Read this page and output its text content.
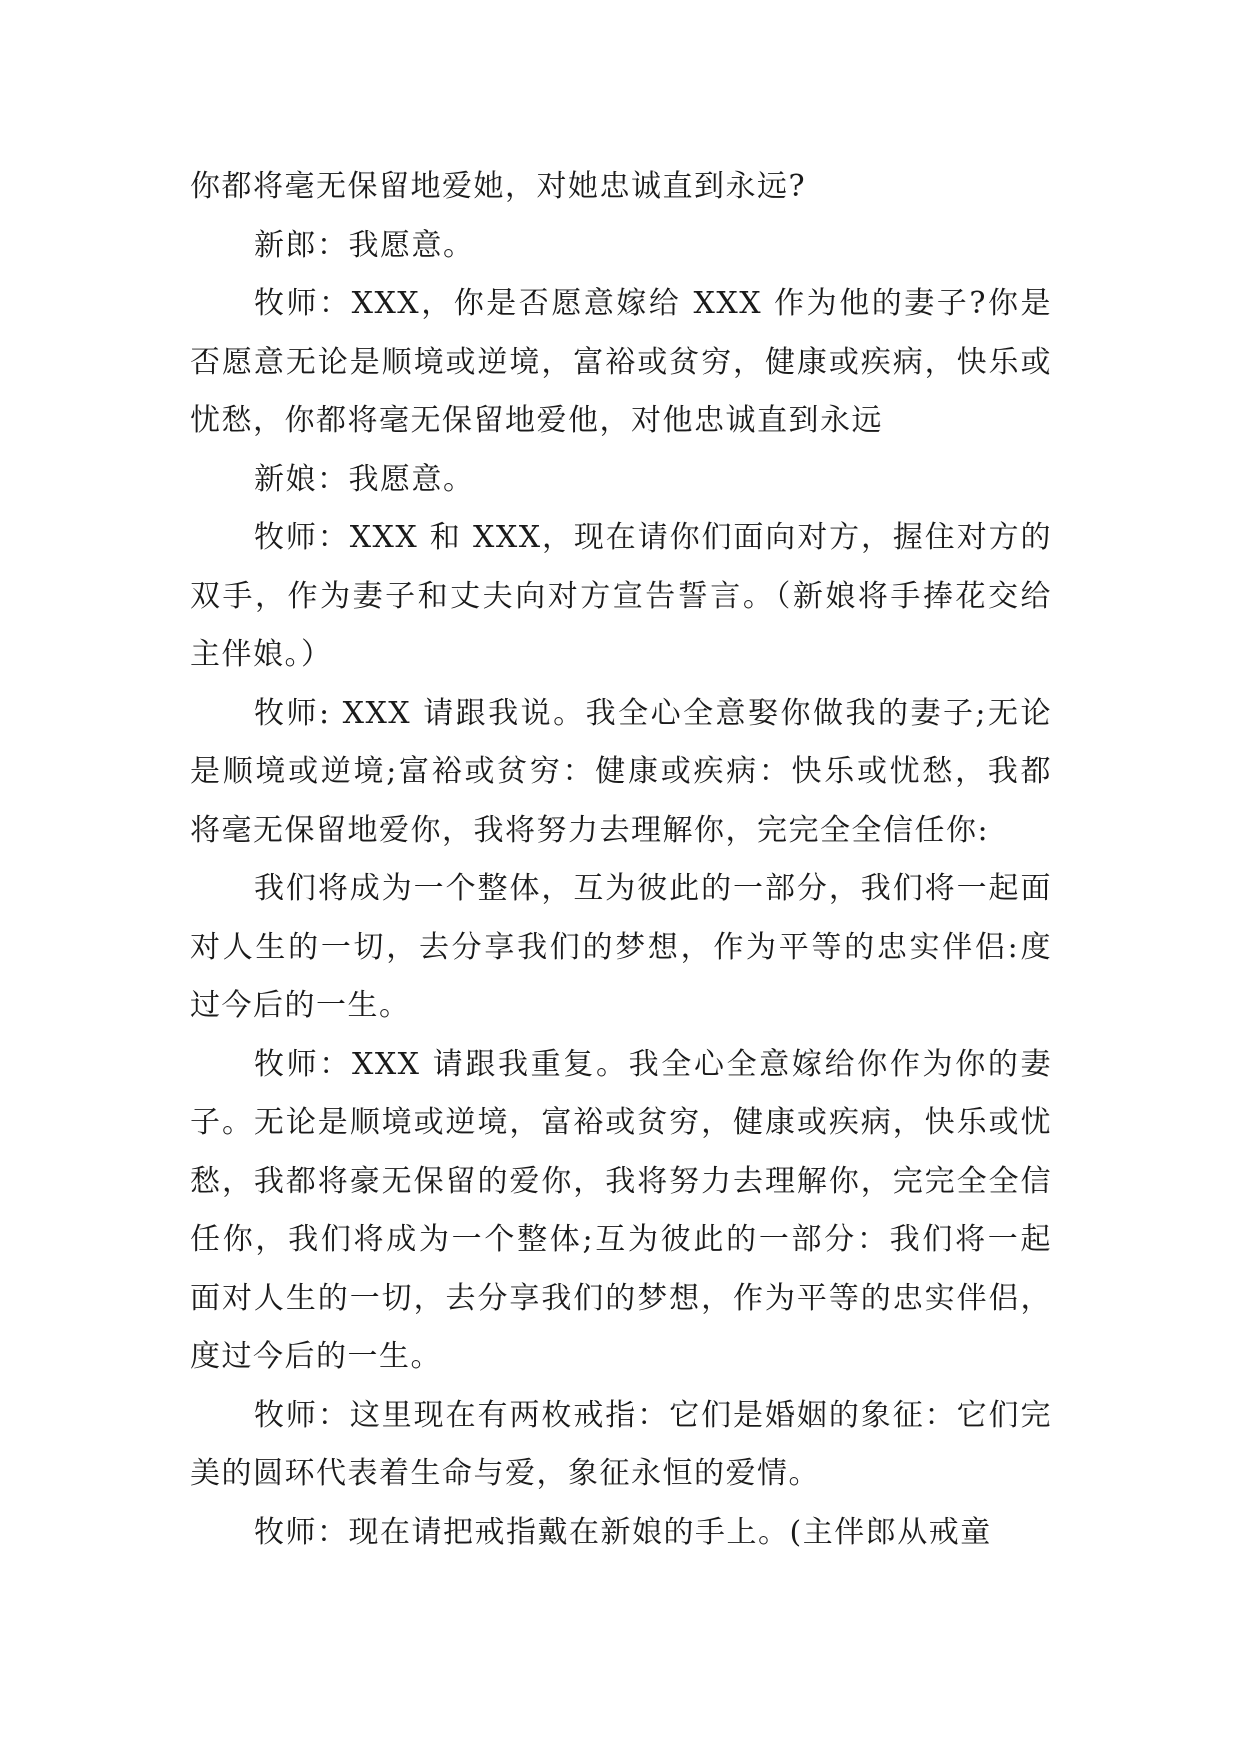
你都将毫无保留地爱她，对她忠诚直到永远?

新郎：我愿意。

牧师：XXX，你是否愿意嫁给 XXX 作为他的妻子?你是否愿意无论是顺境或逆境，富裕或贫穷，健康或疾病，快乐或忧愁，你都将毫无保留地爱他，对他忠诚直到永远

新娘：我愿意。

牧师：XXX 和 XXX，现在请你们面向对方，握住对方的双手，作为妻子和丈夫向对方宣告誓言。（新娘将手捧花交给主伴娘。）

牧师: XXX 请跟我说。我全心全意娶你做我的妻子;无论是顺境或逆境;富裕或贫穷：健康或疾病：快乐或忧愁，我都将毫无保留地爱你，我将努力去理解你，完完全全信任你:

我们将成为一个整体，互为彼此的一部分，我们将一起面对人生的一切，去分享我们的梦想，作为平等的忠实伴侣:度过今后的一生。

牧师：XXX 请跟我重复。我全心全意嫁给你作为你的妻子。无论是顺境或逆境，富裕或贫穷，健康或疾病，快乐或忧愁，我都将豪无保留的爱你，我将努力去理解你，完完全全信任你，我们将成为一个整体;互为彼此的一部分：我们将一起面对人生的一切，去分享我们的梦想，作为平等的忠实伴侣，度过今后的一生。

牧师：这里现在有两枚戒指：它们是婚姻的象征：它们完美的圆环代表着生命与爱，象征永恒的爱情。

牧师：现在请把戒指戴在新娘的手上。(主伴郎从戒童
